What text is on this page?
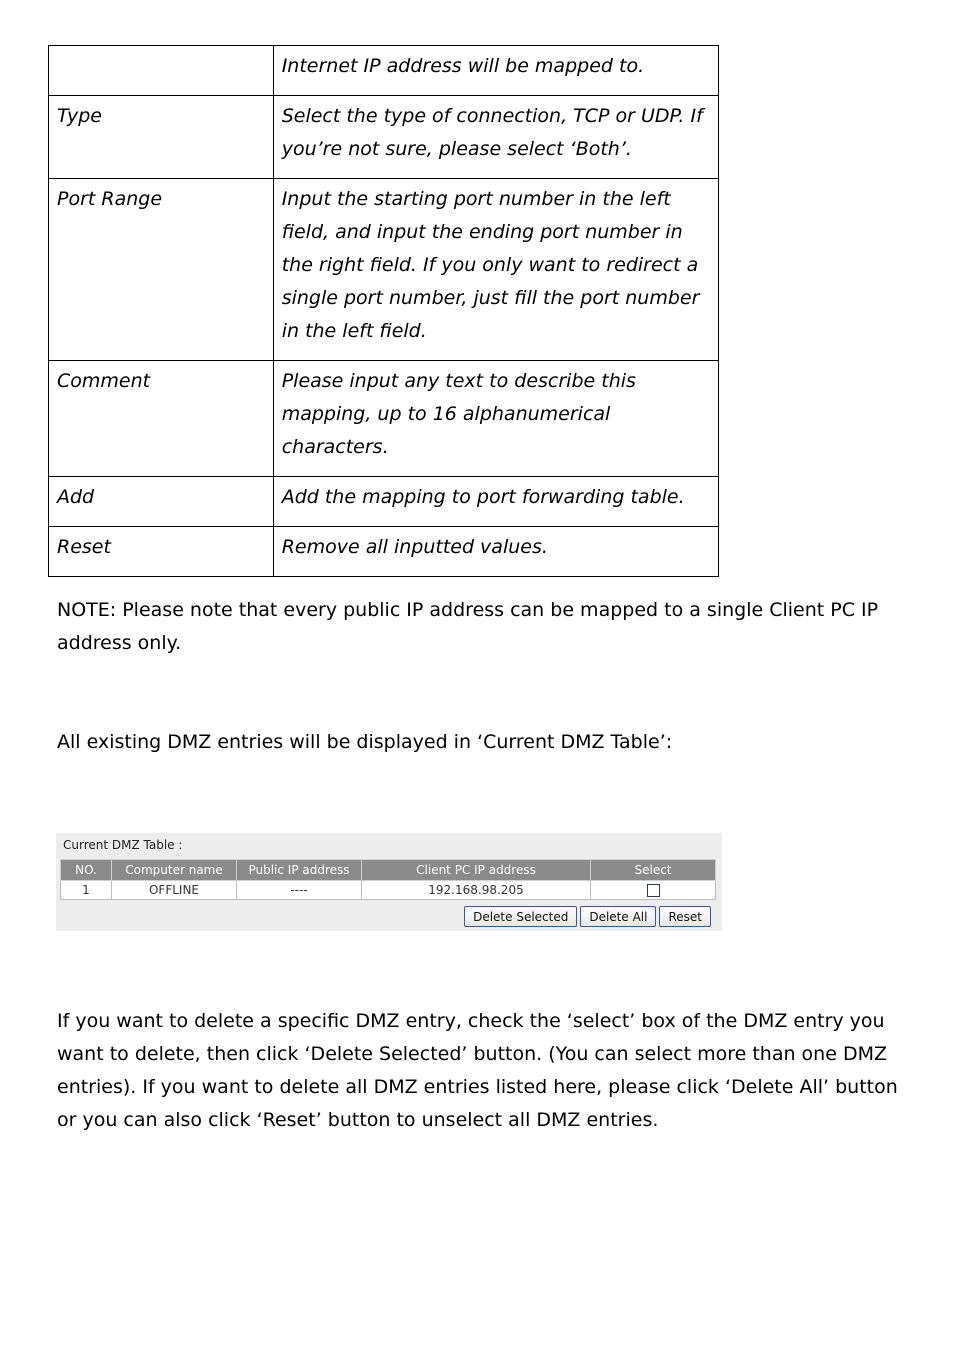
	Internet IP address will be mapped to.
Type	Select the type of connection, TCP or UDP. If you’re not sure, please select ‘Both’.
Port Range	Input the starting port number in the left field, and input the ending port number in the right field. If you only want to redirect a single port number, just fill the port number in the left field.
Comment	Please input any text to describe this mapping, up to 16 alphanumerical characters.
Add	Add the mapping to port forwarding table.
Reset	Remove all inputted values.

NOTE: Please note that every public IP address can be mapped to a single Client PC IP address only.

All existing DMZ entries will be displayed in ‘Current DMZ Table’:

Current DMZ Table :
NO.	Computer name	Public IP address	Client PC IP address	Select
1	OFFLINE	----	192.168.98.205	
Delete Selected	Delete All	Reset

If you want to delete a specific DMZ entry, check the ‘select’ box of the DMZ entry you want to delete, then click ‘Delete Selected’ button. (You can select more than one DMZ entries). If you want to delete all DMZ entries listed here, please click ‘Delete All’ button or you can also click ‘Reset’ button to unselect all DMZ entries.
